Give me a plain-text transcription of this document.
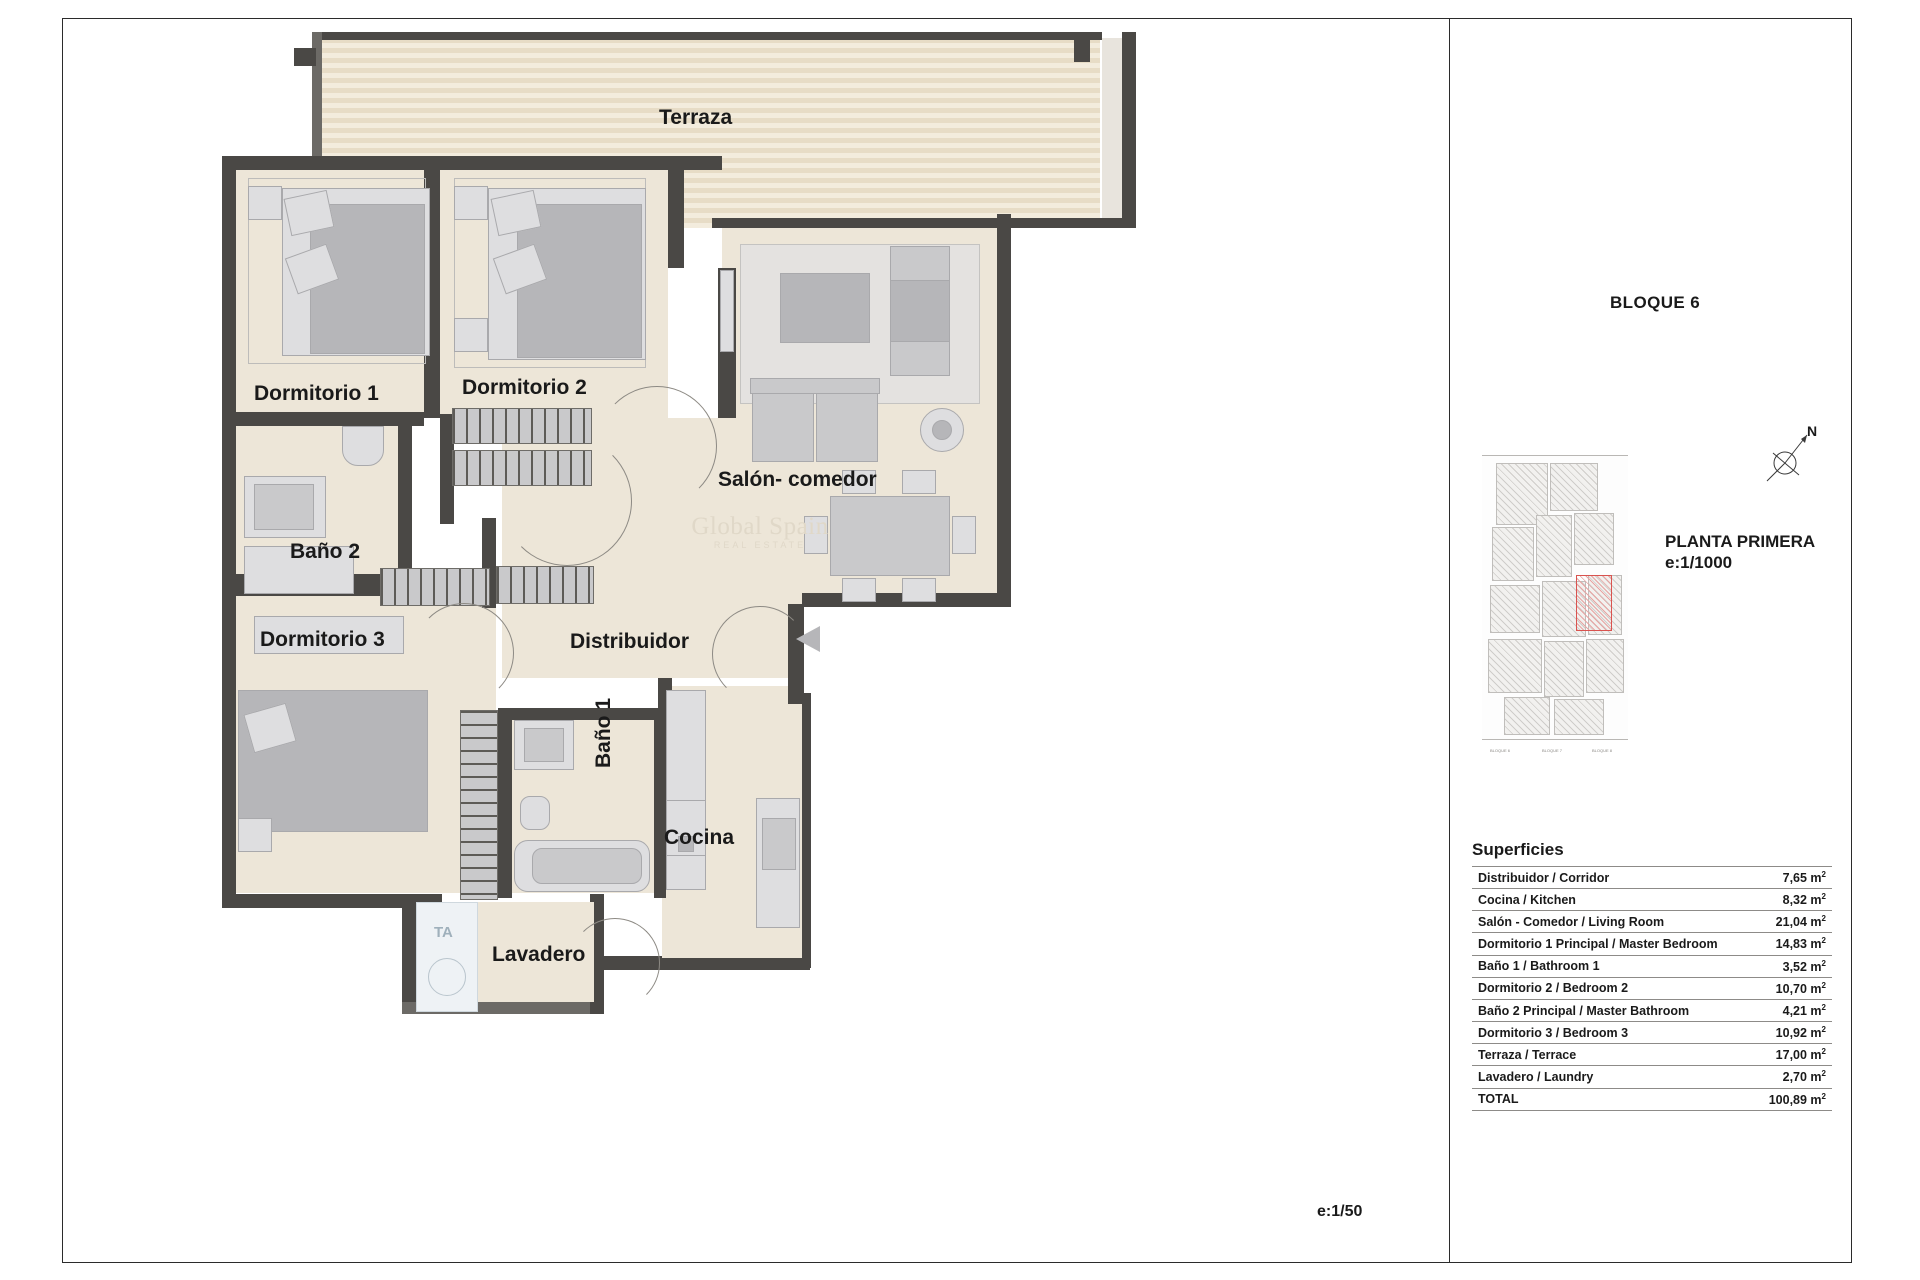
Terraza
Dormitorio 1	Dormitorio 2
Salón- comedor
Baño 2
Dormitorio 3	Distribuidor
Baño 1
Cocina
TA
Lavadero
Global Spain
REAL ESTATE
e:1/50
BLOQUE 6
BLOQUE 6	BLOQUE 7	BLOQUE 8
N
PLANTA PRIMERA
e:1/1000
Superficies
Distribuidor / Corridor	7,65 $m^2$
Cocina / Kitchen	8,32 $m^2$
Salón - Comedor / Living Room	21,04 $m^2$
Dormitorio 1 Principal / Master Bedroom	14,83 $m^2$
Baño 1 / Bathroom 1	3,52 $m^2$
Dormitorio 2 / Bedroom 2	10,70 $m^2$
Baño 2 Principal / Master Bathroom	4,21 $m^2$
Dormitorio 3 / Bedroom 3	10,92 $m^2$
Terraza / Terrace	17,00 $m^2$
Lavadero / Laundry	2,70 $m^2$
TOTAL	100,89 $m^2$
